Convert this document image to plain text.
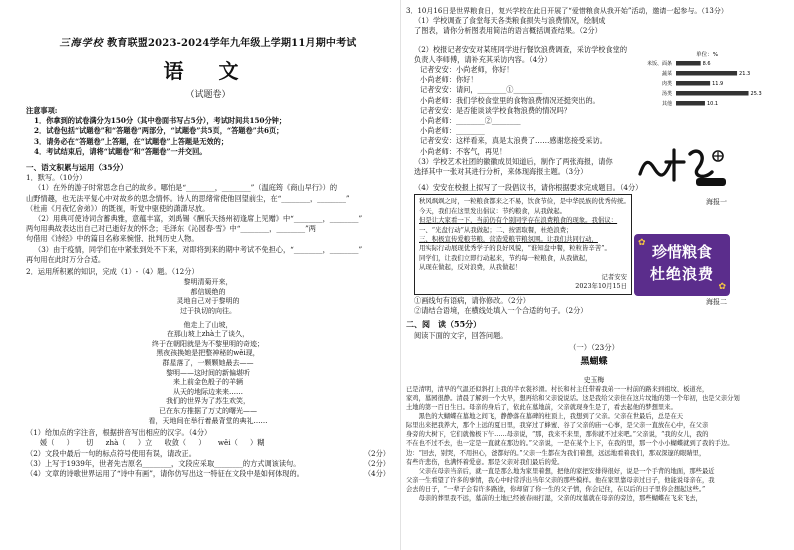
三海学校 教育联盟2023-2024学年九年级上学期11月期中考试
语 文
（试题卷）

注意事项:

1．你拿到的试卷满分为150分（其中卷面书写占5分），考试时间共150分钟；

2．试卷包括“试题卷”和“答题卷”两部分，“试题卷”共5页，“答题卷”共6页；

3．请务必在“答题卷”上答题，在“试题卷”上答题是无效的；

4．考试结束后，请将“试题卷”和“答题卷”一并交回。

一、语文积累与运用（35分）

1．默写。（10分）

（1）在外的游子时常思念自己的故乡。哪怕是“________，________”（温庭筠《商山早行》）的

山野情趣，也无法平复心中对故乡的思念情怀。诗人的思绪常使他回望前尘，在“________，________”

（杜甫《月夜忆舍弟》）的既视，听觉中驱使的潇潇尽放。

（2）用典可使诗词含蓄典雅，意蕴丰富，刘禹锡《酬乐天扬州初逢席上见赠》中“________，________”

两句用典故表达出自己对已逝好友的怀念；毛泽东《沁园春·雪》中“________，________”两

句借用《诗经》中的篇目名称来惋惜、批判历史人物。

（3）由于疫情，同学们在中紧张到处不下来，对即将到来的期中考试不免担心，“________，________”

再句用在此时万分合适。

2．运用所积累的知识，完成（1）-（4）题。（12分）

黎明清菊开来，
都信媛绝的
灵地自己对于黎明的
过于执切的向往。
他走上了山坡，
在那山坡上zhà土了谈久，
终于在朝阳就是为不黎里明的奇迹；
黑夜孩换她是把整神秘的wěi现，
群星落了，一颗颗她最去——
黎明——这时间的新偏堪听
来上前金色般子的羊辆
从天的地际边来来……
我们的世界为了苏生欢笑，
已在东方推据了万丈的曙光——
看，天地间在举行着最背堂的典礼……

（1）给加点的字注音，根据拼音写出相应的汉字。（4分）

媛（ ） 切 zhà（ ）立 收敛（ ） wěi（ ）糊

（2）文段中最后一句的标点符号使用有误，请改正。	（2分）

（3）上写于1939年，世者先吉原名________，文段应采取________的方式调该读句。	（2分）

（4）文章的诗歌世界运用了“诗中有画”，请你仿写出这一特征在文段中是如何体现的。	（4分）

3．10月16日是世界粮食日，复兴学校在此日开展了“爱惜粮食从我开始”活动，邀请一起参与。（13分）

（1）学校调查了食堂每天各类粮食损失与浪费情况，绘制成

了图表，请你分析图表用简洁的语言概括调查结果。（2分）

（2）校报记者安安对某班同学进行餐饮浪费调查，采访学校食堂的

负责人李师傅，请补充其采访内容。（4分）

记者安安：小尚老师，你好！

小尚老师：你好！

记者安安：请问，________①________

小尚老师：我们学校食堂里的食物浪费情况还挺突出的。

记者安安：是否能谈谈学校食物浪费的情况吗？

小尚老师：________②________

小尚老师：________

记者安安：这样看来，真是太浪费了……感谢您接受采访。

小尚老师：不客气，再见！

（3）学校艺术社团的徽徽成员知道后，制作了两张海报，请你

选择其中一张对其进行分析，来体现海报主题。（3分）

（4）安安在校报上拟写了一段倡议书，请你根据要求完成题目。（4分）

秋风飒飒之时，一粒粮食都来之不易，饮食节俭，是中华民族的优秀传统。

今天，我们在这里发出倡议：节约粮食，从我做起。

但是让大家看一下，当前仍有个别同学存在浪费粮食的现象。我倡议：

一、“光盘行动”从我做起；二、按需取餐，杜绝浪费；

三、积极宣传爱粮节粮，营造爱粮节粮氛围。让我们共同行动，

用实际行动展现优秀学子的良好风貌，“谁知盘中餐，粒粒皆辛苦”。

同学们，让我们立即行动起来，节约每一粒粮食，从我做起，

从现在做起，反对浪费，从我做起！

记者安安

2023年10月15日

①画线句有语病，请你修改。（2分）

②请结合语境，在横线处填入一个合适的句子。（2分）

单位：%
米饭、面条	8.6
蔬菜	21.3
肉类	11.9
汤类	25.3
其他	10.1
海报一
珍惜粮食
杜绝浪费
✿
✿
海报二

二、阅　读（55分）

阅读下面的文字，回答问题。

（一）（23分）

黑蝴蝶

史玉梅

已是清明，清早的气温还似斜打上我的半衣裳衫滑。村长和村主任带着我弟一一村前的路来到祖坟、板道亮，

家鸡，墓园很静。清晨了解到一个大早，想再给和父亲说说话。这是我给父亲住在这片坟地的第一个年初，也是父亲分划

土地的第一百日生日。母亲的身后了，依此在墓地前，父亲就现身生是了，看去起他的梦想里来。

　　黑色的大蝴蝶在墓地之间飞，静静落在墓碑的柱顶上，我想到了父亲。父亲在世最后，总是在天

际里出来把我养大，那个上远的夏日里，我穿过了蜂蜜、谷了父亲的庙一心事，是父亲一直放在心中，在父亲

身旁的大树下，它们就像极下午……母亲说，“那，我来不来里，那你就不过来吧。”父亲说，“我的女儿，我的

不在也不过不去，也一定是一直就在那边的。”父亲说，一是在某个上下，在我的里，那一个小小蝴蝶就到了我的手边。

边：“回去，别哭，不用担心，爸都好的。”父亲一生都在为我们着想，远远地看着我们，那双深邃的眼睛里，

有些许悲伤，也满怀着爱意。那是父亲对我们最后的爱。

　　父亲在母亲当亲后，就一直是那么地为家里着想，把他的家把安排得很好，说是一个手背的地面，那些最近

父亲一生看望了许多的事情，我心中时常浮出当年父亲的那些模样。他在家里靠母亲过日子，他能说母亲在，我

会去的日子，“一辈子会有许多路途，你却留了你一生的父子情，你会记住，在以后的日子里你会想起这些。”

　　母亲的葬里我不远，墓前的土地已经被春雨打湿，父亲的坟墓就在母亲的旁边，那些蝴蝶在飞来飞去，
